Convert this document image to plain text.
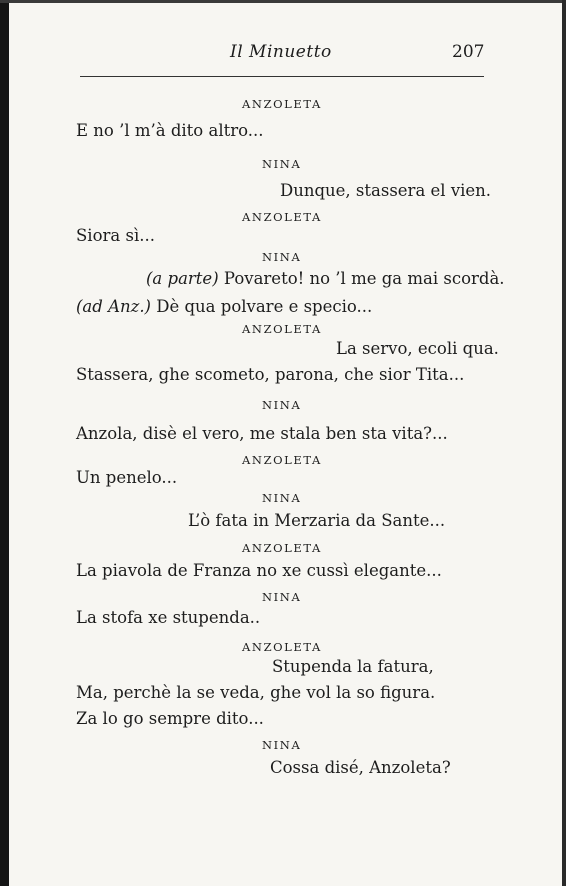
Il Minuetto	207
ANZOLETA
E no ’l m’à dito altro...
NINA
Dunque, stassera el vien.
ANZOLETA
Siora sì...
NINA
(a parte) Povareto! no ’l me ga mai scordà.
(ad Anz.) Dè qua polvare e specio...
ANZOLETA
La servo, ecoli qua.
Stassera, ghe scometo, parona, che sior Tita...
NINA
Anzola, disè el vero, me stala ben sta vita?...
ANZOLETA
Un penelo...
NINA
L’ò fata in Merzaria da Sante...
ANZOLETA
La piavola de Franza no xe cussì elegante...
NINA
La stofa xe stupenda..
ANZOLETA
Stupenda la fatura,
Ma, perchè la se veda, ghe vol la so figura.
Za lo go sempre dito...
NINA
Cossa disé, Anzoleta?
